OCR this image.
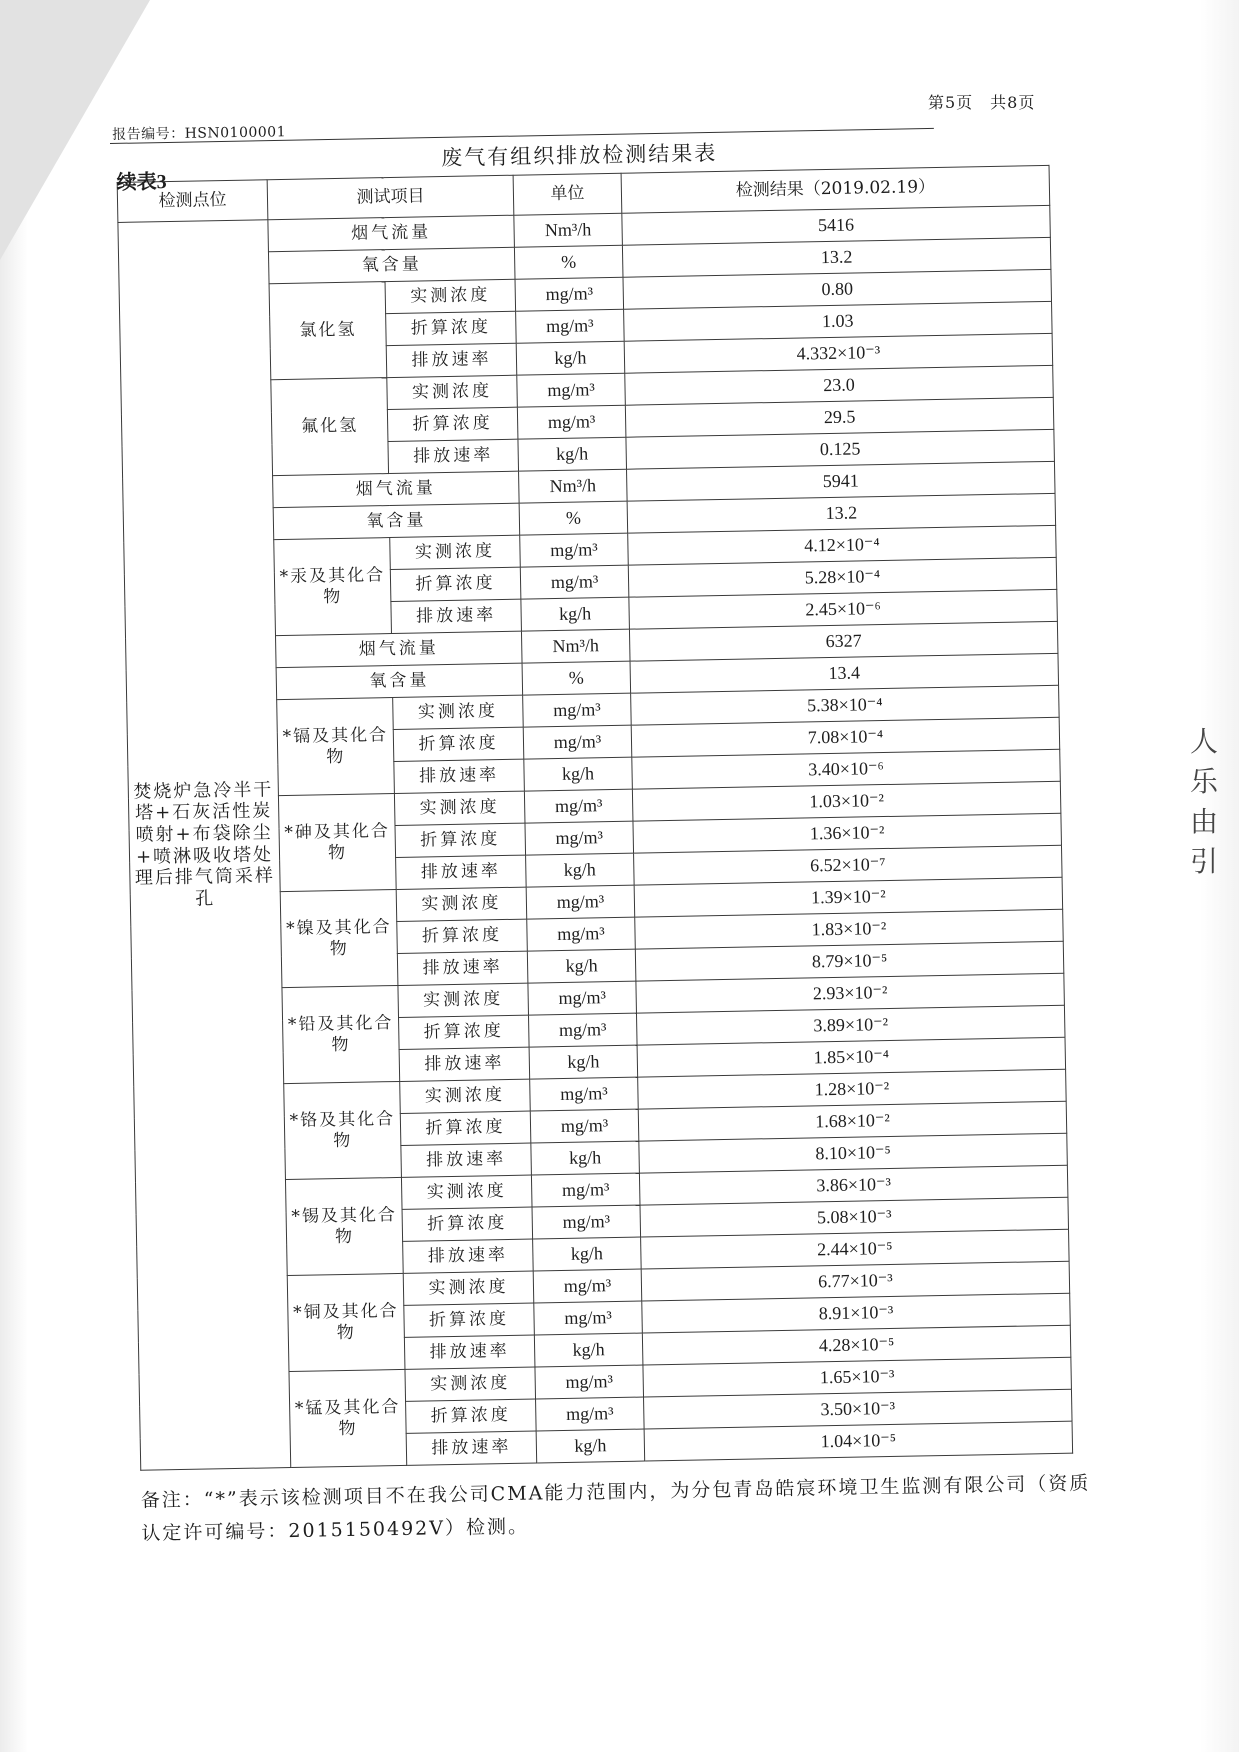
第5页　共8页
报告编号：HSN0100001
续表3
废气有组织排放检测结果表
检测点位	测试项目		单位	检测结果（2019.02.19）
焚烧炉急冷半干塔+石灰活性炭喷射+布袋除尘+喷淋吸收塔处理后排气筒采样孔	烟气流量		Nm³/h	5416
	氧含量		%	13.2
	氯化氢	实测浓度	mg/m³	0.80
		折算浓度	mg/m³	1.03
		排放速率	kg/h	4.332×10⁻³
	氟化氢	实测浓度	mg/m³	23.0
		折算浓度	mg/m³	29.5
		排放速率	kg/h	0.125
	烟气流量		Nm³/h	5941
	氧含量		%	13.2
	*汞及其化合物	实测浓度	mg/m³	4.12×10⁻⁴
		折算浓度	mg/m³	5.28×10⁻⁴
		排放速率	kg/h	2.45×10⁻⁶
	烟气流量		Nm³/h	6327
	氧含量		%	13.4
	*镉及其化合物	实测浓度	mg/m³	5.38×10⁻⁴
		折算浓度	mg/m³	7.08×10⁻⁴
		排放速率	kg/h	3.40×10⁻⁶
	*砷及其化合物	实测浓度	mg/m³	1.03×10⁻²
		折算浓度	mg/m³	1.36×10⁻²
		排放速率	kg/h	6.52×10⁻⁷
	*镍及其化合物	实测浓度	mg/m³	1.39×10⁻²
		折算浓度	mg/m³	1.83×10⁻²
		排放速率	kg/h	8.79×10⁻⁵
	*铅及其化合物	实测浓度	mg/m³	2.93×10⁻²
		折算浓度	mg/m³	3.89×10⁻²
		排放速率	kg/h	1.85×10⁻⁴
	*铬及其化合物	实测浓度	mg/m³	1.28×10⁻²
		折算浓度	mg/m³	1.68×10⁻²
		排放速率	kg/h	8.10×10⁻⁵
	*锡及其化合物	实测浓度	mg/m³	3.86×10⁻³
		折算浓度	mg/m³	5.08×10⁻³
		排放速率	kg/h	2.44×10⁻⁵
	*铜及其化合物	实测浓度	mg/m³	6.77×10⁻³
		折算浓度	mg/m³	8.91×10⁻³
		排放速率	kg/h	4.28×10⁻⁵
	*锰及其化合物	实测浓度	mg/m³	1.65×10⁻³
		折算浓度	mg/m³	3.50×10⁻³
		排放速率	kg/h	1.04×10⁻⁵
备注：“*”表示该检测项目不在我公司CMA能力范围内，为分包青岛皓宸环境卫生监测有限公司（资质认定许可编号：2015150492V）检测。
人
乐
由
引
